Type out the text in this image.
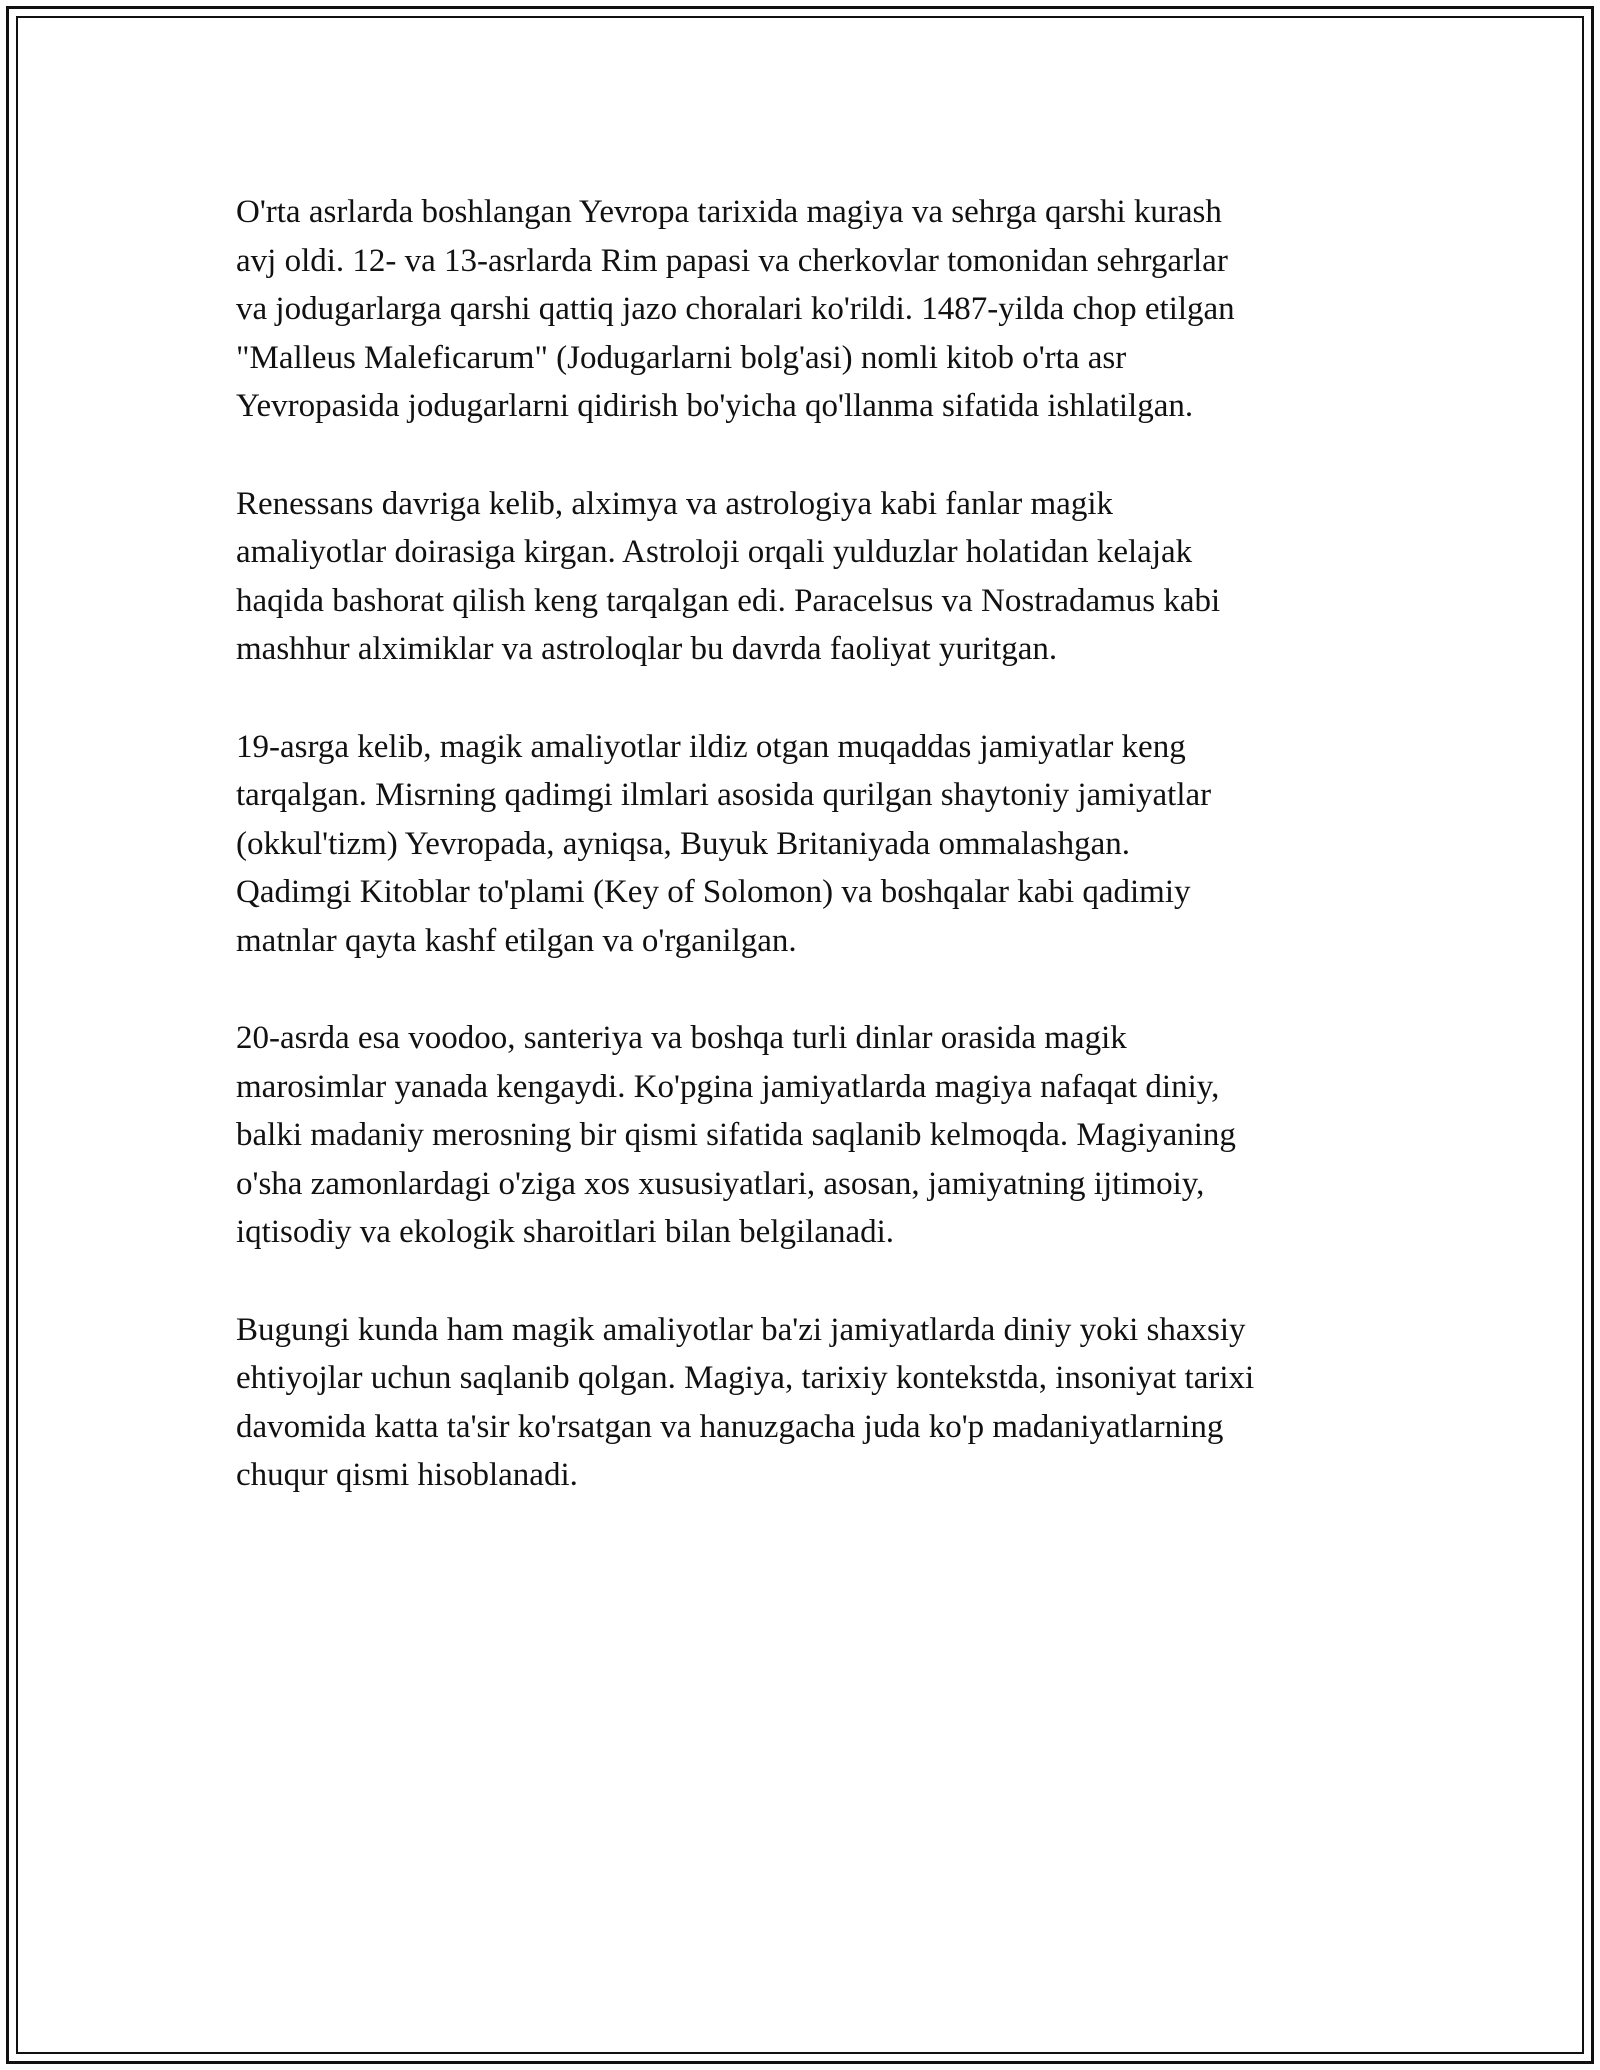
O'rta asrlarda boshlangan Yevropa tarixida magiya va sehrga qarshi kurash
avj oldi. 12- va 13-asrlarda Rim papasi va cherkovlar tomonidan sehrgarlar
va jodugarlarga qarshi qattiq jazo choralari ko'rildi. 1487-yilda chop etilgan
"Malleus Maleficarum" (Jodugarlarni bolg'asi) nomli kitob o'rta asr
Yevropasida jodugarlarni qidirish bo'yicha qo'llanma sifatida ishlatilgan.

Renessans davriga kelib, alximya va astrologiya kabi fanlar magik
amaliyotlar doirasiga kirgan. Astroloji orqali yulduzlar holatidan kelajak
haqida bashorat qilish keng tarqalgan edi. Paracelsus va Nostradamus kabi
mashhur alximiklar va astroloqlar bu davrda faoliyat yuritgan.

19-asrga kelib, magik amaliyotlar ildiz otgan muqaddas jamiyatlar keng
tarqalgan. Misrning qadimgi ilmlari asosida qurilgan shaytoniy jamiyatlar
(okkul'tizm) Yevropada, ayniqsa, Buyuk Britaniyada ommalashgan.
Qadimgi Kitoblar to'plami (Key of Solomon) va boshqalar kabi qadimiy
matnlar qayta kashf etilgan va o'rganilgan.

20-asrda esa voodoo, santeriya va boshqa turli dinlar orasida magik
marosimlar yanada kengaydi. Ko'pgina jamiyatlarda magiya nafaqat diniy,
balki madaniy merosning bir qismi sifatida saqlanib kelmoqda. Magiyaning
o'sha zamonlardagi o'ziga xos xususiyatlari, asosan, jamiyatning ijtimoiy,
iqtisodiy va ekologik sharoitlari bilan belgilanadi.

Bugungi kunda ham magik amaliyotlar ba'zi jamiyatlarda diniy yoki shaxsiy
ehtiyojlar uchun saqlanib qolgan. Magiya, tarixiy kontekstda, insoniyat tarixi
davomida katta ta'sir ko'rsatgan va hanuzgacha juda ko'p madaniyatlarning
chuqur qismi hisoblanadi.
